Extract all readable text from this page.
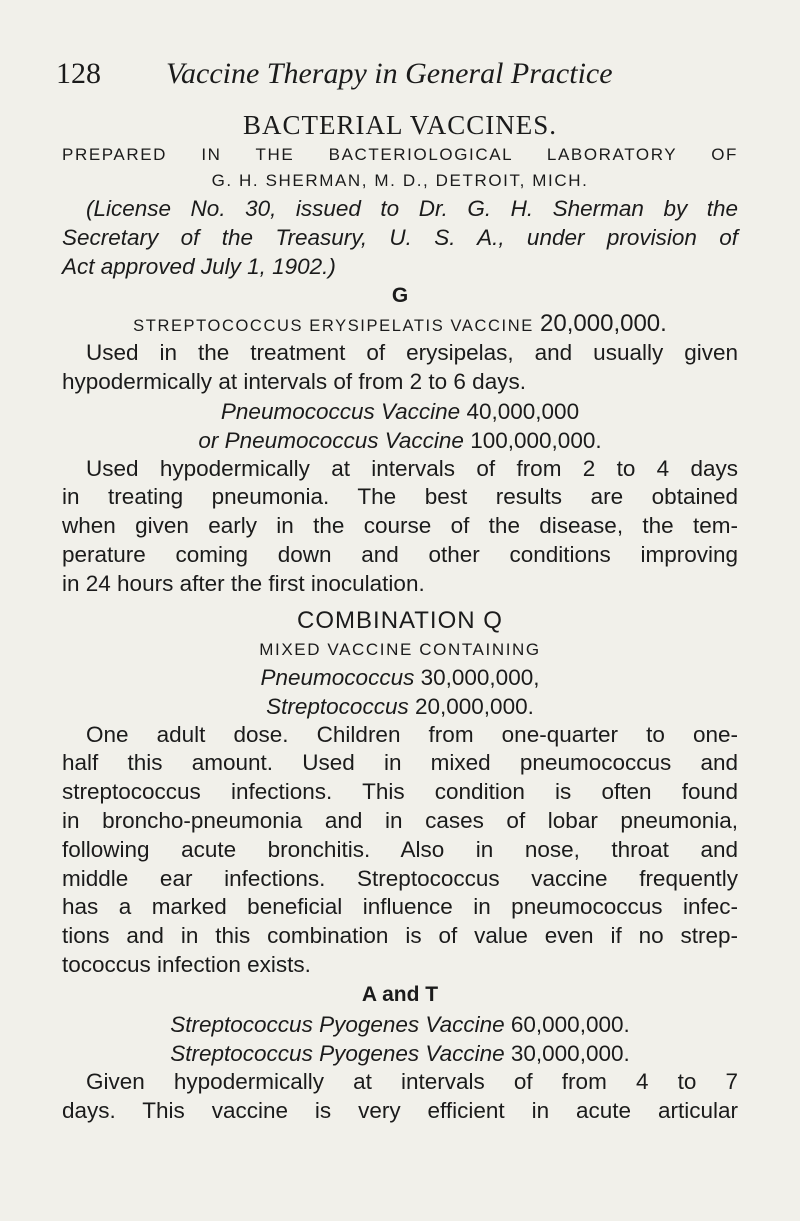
128 Vaccine Therapy in General Practice

BACTERIAL VACCINES.

PREPARED IN THE BACTERIOLOGICAL LABORATORY OF

G. H. SHERMAN, M. D., DETROIT, MICH.

(License No. 30, issued to Dr. G. H. Sherman by the

Secretary of the Treasury, U. S. A., under provision of

Act approved July 1, 1902.)

G

STREPTOCOCCUS ERYSIPELATIS VACCINE 20,000,000.

Used in the treatment of erysipelas, and usually given

hypodermically at intervals of from 2 to 6 days.

Pneumococcus Vaccine 40,000,000

or Pneumococcus Vaccine 100,000,000.

Used hypodermically at intervals of from 2 to 4 days

in treating pneumonia. The best results are obtained

when given early in the course of the disease, the tem-

perature coming down and other conditions improving

in 24 hours after the first inoculation.

COMBINATION Q

MIXED VACCINE CONTAINING

Pneumococcus 30,000,000,

Streptococcus 20,000,000.

One adult dose. Children from one-quarter to one-

half this amount. Used in mixed pneumococcus and

streptococcus infections. This condition is often found

in broncho-pneumonia and in cases of lobar pneumonia,

following acute bronchitis. Also in nose, throat and

middle ear infections. Streptococcus vaccine frequently

has a marked beneficial influence in pneumococcus infec-

tions and in this combination is of value even if no strep-

tococcus infection exists.

A and T

Streptococcus Pyogenes Vaccine 60,000,000.

Streptococcus Pyogenes Vaccine 30,000,000.

Given hypodermically at intervals of from 4 to 7

days. This vaccine is very efficient in acute articular
